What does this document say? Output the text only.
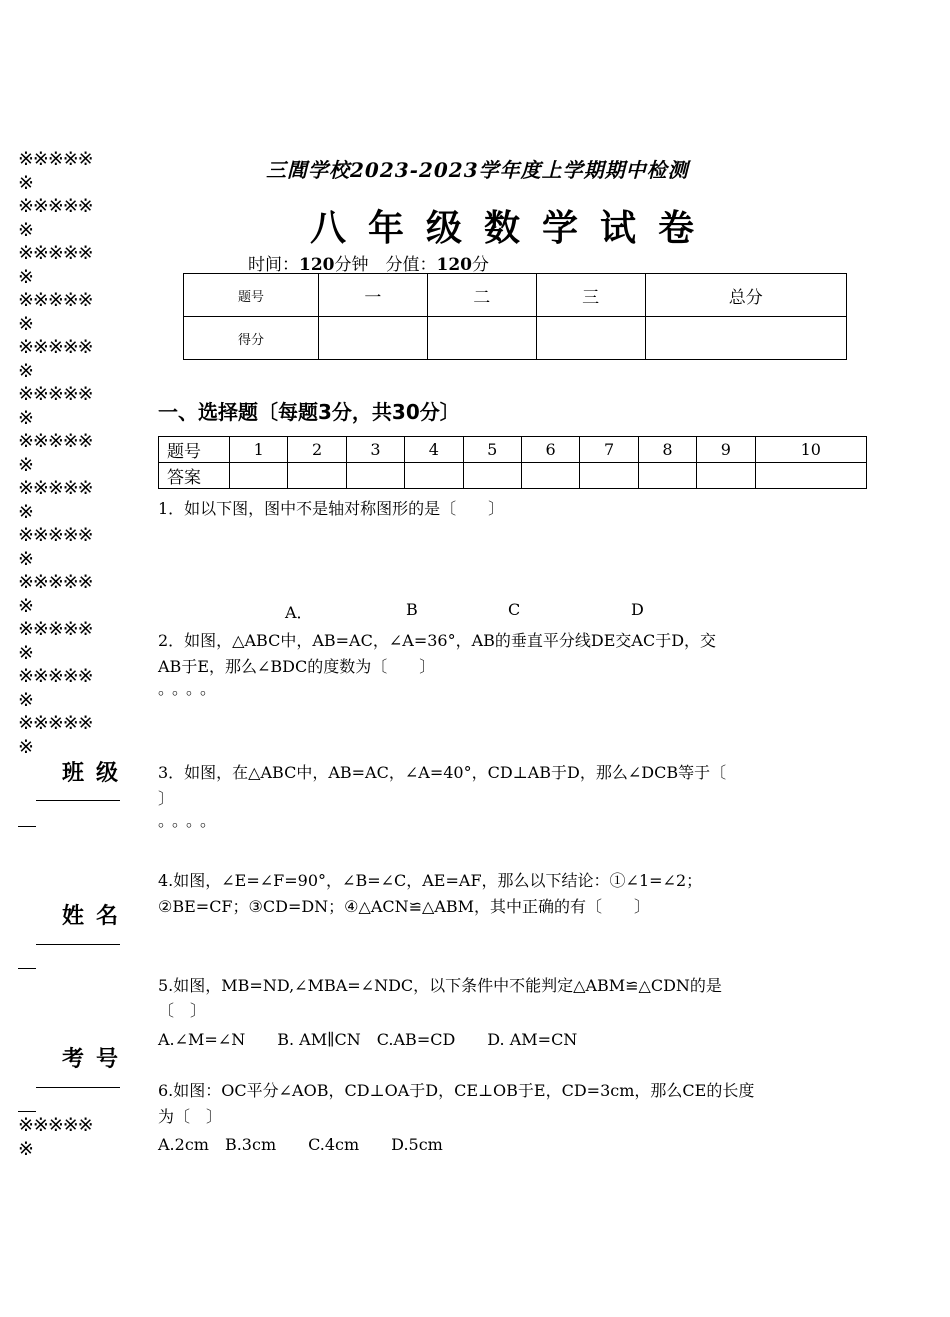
※※※※※
※
※※※※※
※
※※※※※
※
※※※※※
※
※※※※※
※
※※※※※
※
※※※※※
※
※※※※※
※
※※※※※
※
※※※※※
※
※※※※※
※
※※※※※
※
※※※※※
※
班级
姓名
考号
※※※※※
※
三閭学校2023-2023学年度上学期期中检测
八年级数学试卷
时间：120分钟　 分值：120分
题号	一	二	三	总分
得分				
一、选择题〔每题3分，共30分〕
题号	1	2	3	4	5	6	7	8	9	10
答案										
1．如以下图，图中不是轴对称图形的是〔　　〕
A．	B	C	D
2．如图，△ABC中，AB=AC，∠A=36°，AB的垂直平分线DE交AC于D，交
AB于E，那么∠BDC的度数为〔　　〕
。。。。
3．如图，在△ABC中，AB=AC，∠A=40°，CD⊥AB于D，那么∠DCB等于〔
〕
。。。。
4.如图，∠E=∠F=90°，∠B=∠C，AE=AF，那么以下结论：①∠1=∠2；
②BE=CF；③CD=DN；④△ACN≌△ABM，其中正确的有〔　　〕
5.如图，MB=ND,∠MBA=∠NDC，以下条件中不能判定△ABM≌△CDN的是
〔　〕
A.∠M=∠N　　B. AM∥CN　C.AB=CD　　D. AM=CN
6.如图：OC平分∠AOB，CD⊥OA于D，CE⊥OB于E，CD=3cm，那么CE的长度
为〔　〕
A.2cm　B.3cm　　C.4cm　　D.5cm
